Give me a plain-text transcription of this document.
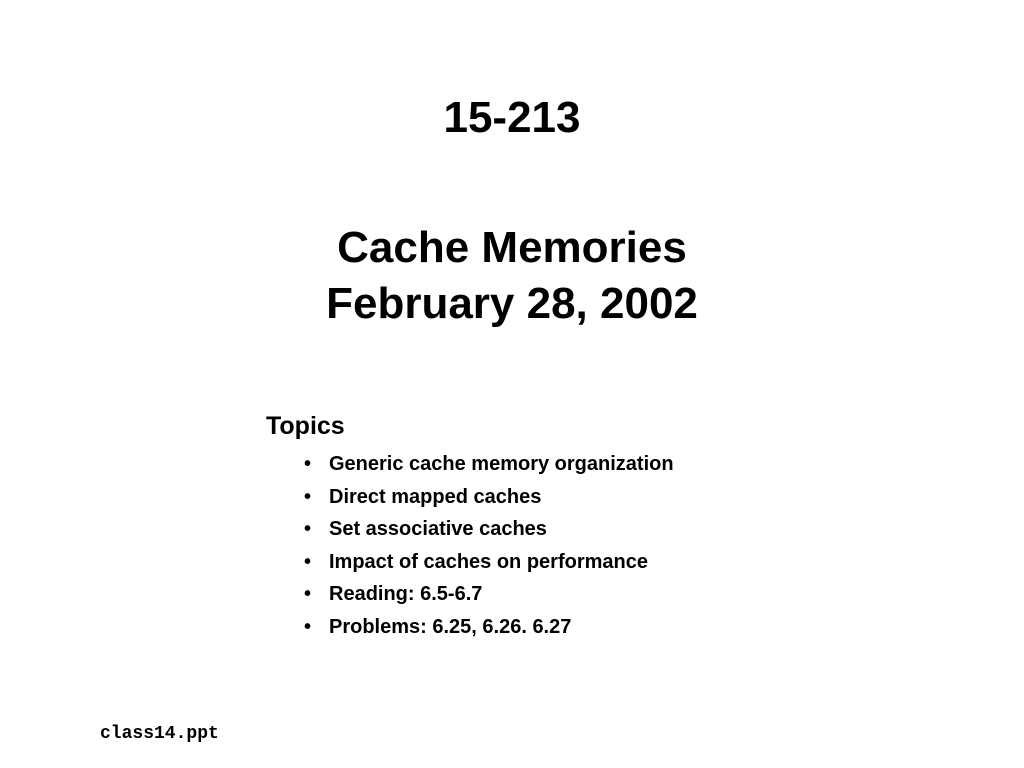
15-213
Cache Memories
February 28, 2002
Topics
• Generic cache memory organization
• Direct mapped caches
• Set associative caches
• Impact of caches on performance
• Reading: 6.5-6.7
• Problems: 6.25, 6.26. 6.27
class14.ppt
